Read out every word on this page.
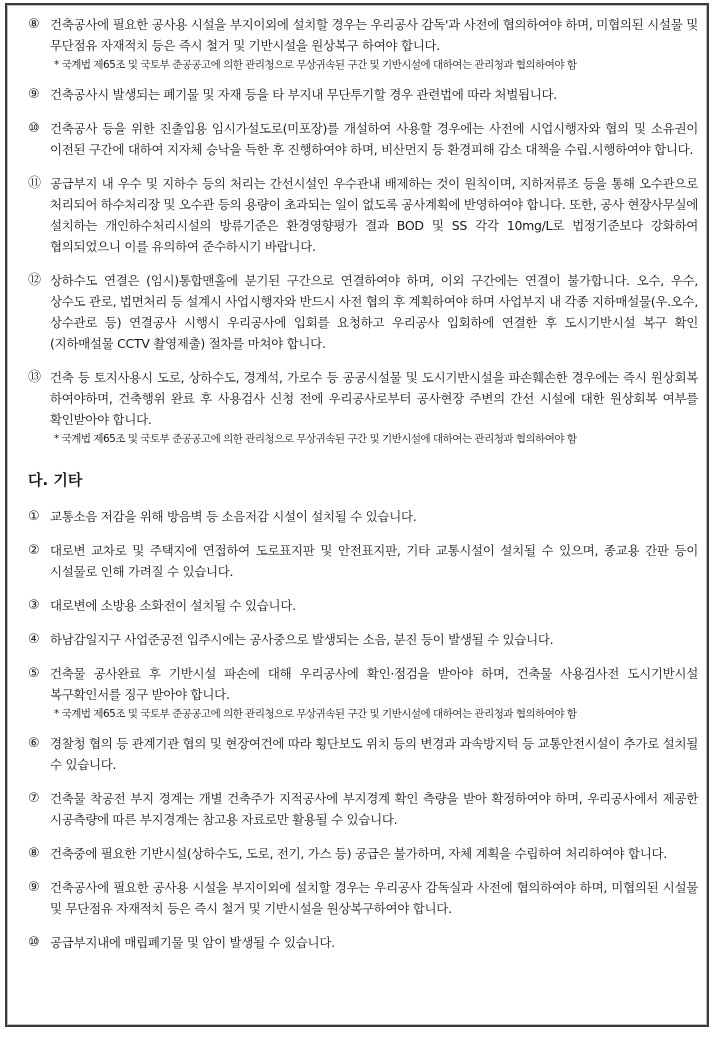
⑧ 건축공사에 필요한 공사용 시설을 부지이외에 설치할 경우는 우리공사 감독'과 사전에 협의하여야 하며, 미협의된 시설물 및 무단점유 자재적치 등은 즉시 철거 및 기반시설을 원상복구 하여야 합니다.
* 국계법 제65조 및 국토부 준공공고에 의한 관리청으로 무상귀속된 구간 및 기반시설에 대하여는 관리청과 협의하여야 함
⑨ 건축공사시 발생되는 폐기물 및 자재 등을 타 부지내 무단투기할 경우 관련법에 따라 처벌됩니다.
⑩ 건축공사 등을 위한 진출입용 임시가설도로(미포장)를 개설하여 사용할 경우에는 사전에 시업시행자와 협의 및 소유권이 이전된 구간에 대하여 지자체 승낙을 득한 후 진행하여야 하며, 비산먼지 등 환경피해 감소 대책을 수립.시행하여야 합니다.
⑪ 공급부지 내 우수 및 지하수 등의 처리는 간선시설인 우수관내 배제하는 것이 원칙이며, 지하저류조 등을 통해 오수관으로 처리되어 하수처리장 및 오수관 등의 용량이 초과되는 일이 없도록 공사계획에 반영하여야 합니다. 또한, 공사 현장사무실에 설치하는 개인하수처리시설의 방류기준은 환경영향평가 결과 BOD 및 SS 각각 10mg/L로 법정기준보다 강화하여 협의되었으니 이를 유의하여 준수하시기 바랍니다.
⑫ 상하수도 연결은 (임시)통합맨홀에 분기된 구간으로 연결하여야 하며, 이외 구간에는 연결이 불가합니다. 오수, 우수, 상수도 관로, 법면처리 등 설계시 사업시행자와 반드시 사전 협의 후 계획하여야 하며 사업부지 내 각종 지하매설물(우.오수, 상수관로 등) 연결공사 시행시 우리공사에 입회를 요청하고 우리공사 입회하에 연결한 후 도시기반시설 복구 확인(지하매설물 CCTV 촬영제출) 절차를 마쳐야 합니다.
⑬ 건축 등 토지사용시 도로, 상하수도, 경계석, 가로수 등 공공시설물 및 도시기반시설을 파손훼손한 경우에는 즉시 원상회복 하여야하며, 건축행위 완료 후 사용검사 신청 전에 우리공사로부터 공사현장 주변의 간선 시설에 대한 원상회복 여부를 확인받아야 합니다.
* 국계법 제65조 및 국토부 준공공고에 의한 관리청으로 무상귀속된 구간 및 기반시설에 대하여는 관리청과 협의하여야 함
다. 기타
① 교통소음 저감을 위해 방음벽 등 소음저감 시설이 설치될 수 있습니다.
② 대로변 교차로 및 주택지에 연접하여 도로표지판 및 안전표지판, 기타 교통시설이 설치될 수 있으며, 종교용 간판 등이 시설물로 인해 가려질 수 있습니다.
③ 대로변에 소방용 소화전이 설치될 수 있습니다.
④ 하남감일지구 사업준공전 입주시에는 공사중으로 발생되는 소음, 분진 등이 발생될 수 있습니다.
⑤ 건축물 공사완료 후 기반시설 파손에 대해 우리공사에 확인·점검을 받아야 하며, 건축물 사용검사전 도시기반시설 복구확인서를 징구 받아야 합니다.
* 국계법 제65조 및 국토부 준공공고에 의한 관리청으로 무상귀속된 구간 및 기반시설에 대하여는 관리청과 협의하여야 함
⑥ 경찰청 협의 등 관계기관 협의 및 현장여건에 따라 횡단보도 위치 등의 변경과 과속방지턱 등 교통안전시설이 추가로 설치될 수 있습니다.
⑦ 건축물 착공전 부지 경계는 개별 건축주가 지적공사에 부지경계 확인 측량을 받아 확정하여야 하며, 우리공사에서 제공한 시공측량에 따른 부지경계는 참고용 자료로만 활용될 수 있습니다.
⑧ 건축중에 필요한 기반시설(상하수도, 도로, 전기, 가스 등) 공급은 불가하며, 자체 계획을 수립하여 처리하여야 합니다.
⑨ 건축공사에 필요한 공사용 시설을 부지이외에 설치할 경우는 우리공사 감독실과 사전에 협의하여야 하며, 미협의된 시설물 및 무단점유 자재적치 등은 즉시 철거 및 기반시설을 원상복구하여야 합니다.
⑩ 공급부지내에 매립폐기물 및 암이 발생될 수 있습니다.
